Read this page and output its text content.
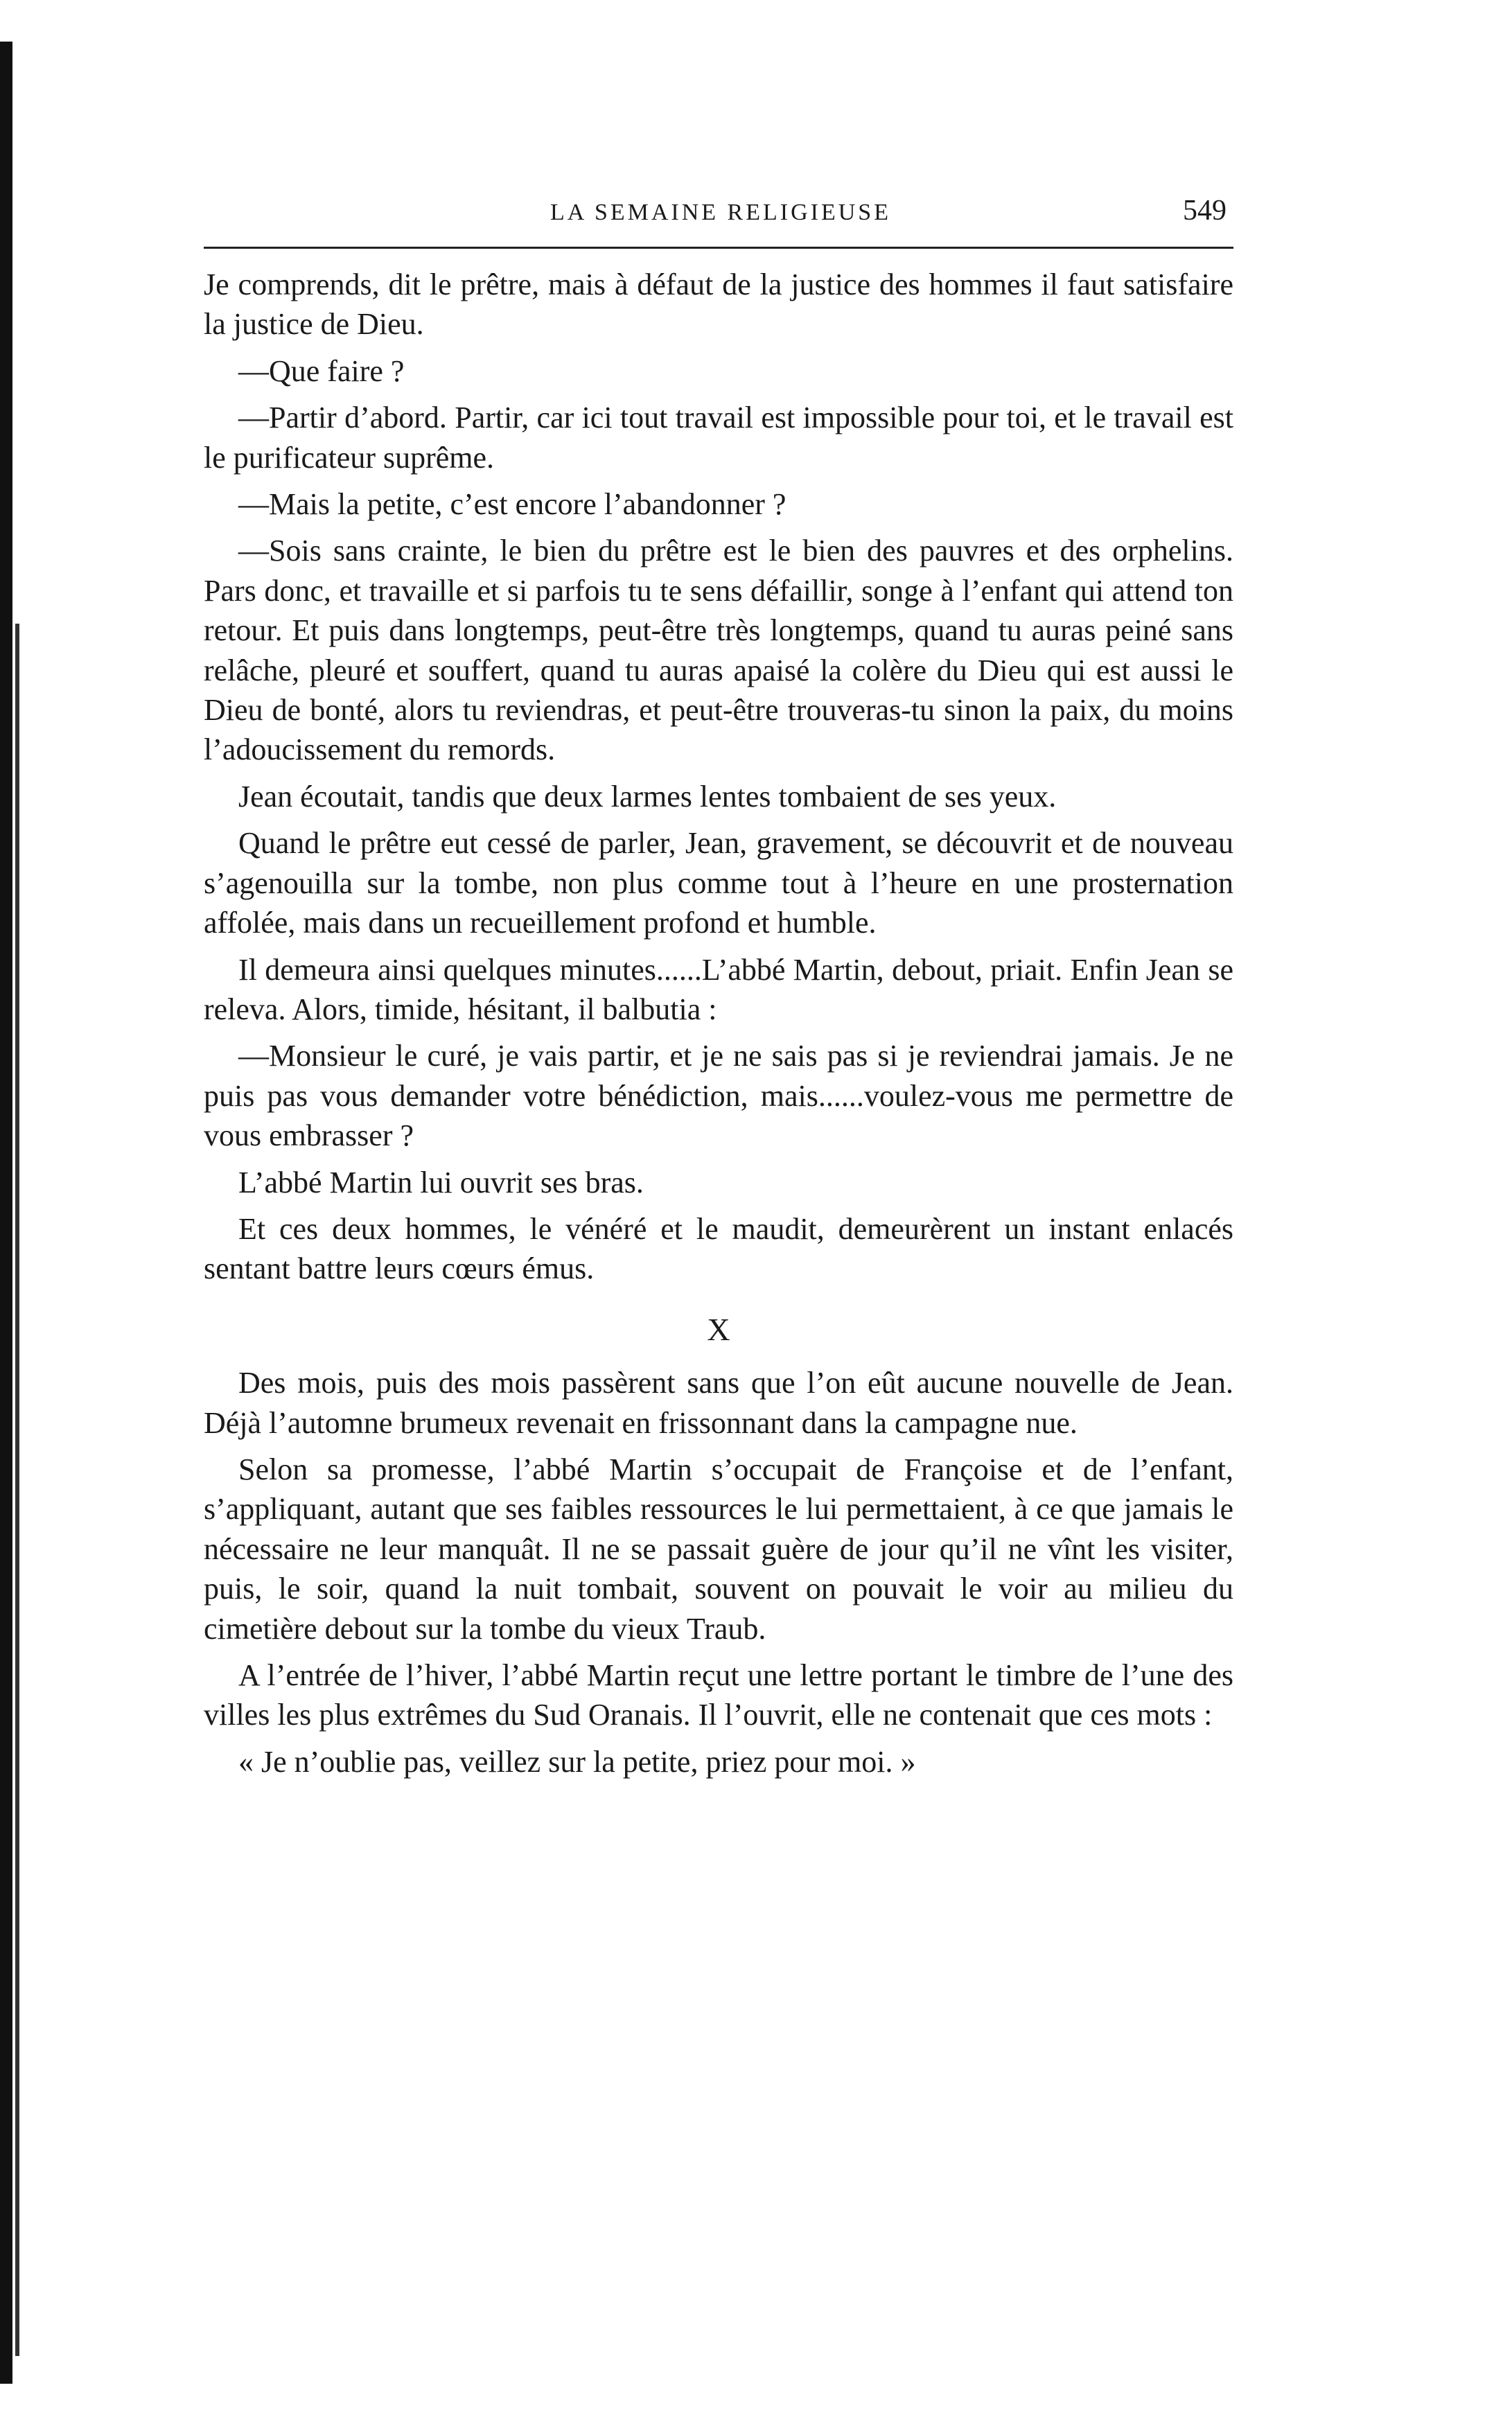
LA SEMAINE RELIGIEUSE	549

Je comprends, dit le prêtre, mais à défaut de la justice des hommes il faut satisfaire la justice de Dieu.

—Que faire ?

—Partir d’abord. Partir, car ici tout travail est impossible pour toi, et le travail est le purificateur suprême.

—Mais la petite, c’est encore l’abandonner ?

—Sois sans crainte, le bien du prêtre est le bien des pauvres et des orphelins. Pars donc, et travaille et si parfois tu te sens défaillir, songe à l’enfant qui attend ton retour. Et puis dans longtemps, peut-être très longtemps, quand tu auras peiné sans relâche, pleuré et souffert, quand tu auras apaisé la colère du Dieu qui est aussi le Dieu de bonté, alors tu reviendras, et peut-être trouveras-tu sinon la paix, du moins l’adoucissement du remords.

Jean écoutait, tandis que deux larmes lentes tombaient de ses yeux.

Quand le prêtre eut cessé de parler, Jean, gravement, se découvrit et de nouveau s’agenouilla sur la tombe, non plus comme tout à l’heure en une prosternation affolée, mais dans un recueillement profond et humble.

Il demeura ainsi quelques minutes......L’abbé Martin, debout, priait. Enfin Jean se releva. Alors, timide, hésitant, il balbutia :

—Monsieur le curé, je vais partir, et je ne sais pas si je reviendrai jamais. Je ne puis pas vous demander votre bénédiction, mais......voulez-vous me permettre de vous embrasser ?

L’abbé Martin lui ouvrit ses bras.

Et ces deux hommes, le vénéré et le maudit, demeurèrent un instant enlacés sentant battre leurs cœurs émus.

X

Des mois, puis des mois passèrent sans que l’on eût aucune nouvelle de Jean. Déjà l’automne brumeux revenait en frissonnant dans la campagne nue.

Selon sa promesse, l’abbé Martin s’occupait de Françoise et de l’enfant, s’appliquant, autant que ses faibles ressources le lui permettaient, à ce que jamais le nécessaire ne leur manquât. Il ne se passait guère de jour qu’il ne vînt les visiter, puis, le soir, quand la nuit tombait, souvent on pouvait le voir au milieu du cimetière debout sur la tombe du vieux Traub.

A l’entrée de l’hiver, l’abbé Martin reçut une lettre portant le timbre de l’une des villes les plus extrêmes du Sud Oranais. Il l’ouvrit, elle ne contenait que ces mots :

« Je n’oublie pas, veillez sur la petite, priez pour moi. »
